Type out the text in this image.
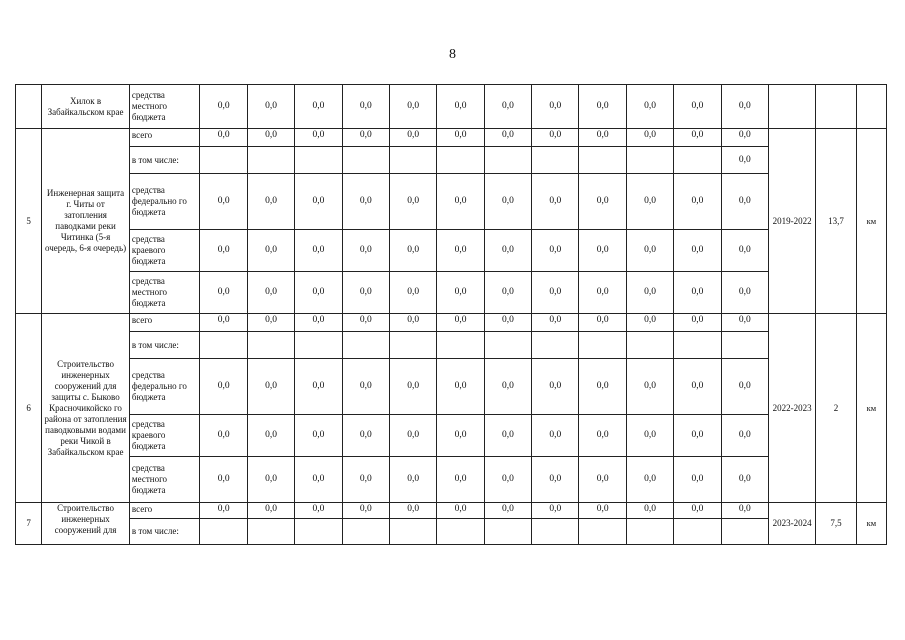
8
	Хилок в Забайкальском крае	средства местного бюджета	0,0	0,0	0,0	0,0	0,0	0,0	0,0	0,0	0,0	0,0	0,0	0,0			
5	Инженерная защита г. Читы от затопления паводками реки Читинка (5-я очередь, 6-я очередь)	всего	0,0	0,0	0,0	0,0	0,0	0,0	0,0	0,0	0,0	0,0	0,0	0,0	2019-2022	13,7	км
		в том числе:												0,0			
		средства федерально го бюджета	0,0	0,0	0,0	0,0	0,0	0,0	0,0	0,0	0,0	0,0	0,0	0,0			
		средства краевого бюджета	0,0	0,0	0,0	0,0	0,0	0,0	0,0	0,0	0,0	0,0	0,0	0,0			
		средства местного бюджета	0,0	0,0	0,0	0,0	0,0	0,0	0,0	0,0	0,0	0,0	0,0	0,0			
6	Строительство инженерных сооружений для защиты с. Быково Красночикойско го района от затопления паводковыми водами реки Чикой в Забайкальском крае	всего	0,0	0,0	0,0	0,0	0,0	0,0	0,0	0,0	0,0	0,0	0,0	0,0	2022-2023	2	км
		в том числе:															
		средства федерально го бюджета	0,0	0,0	0,0	0,0	0,0	0,0	0,0	0,0	0,0	0,0	0,0	0,0			
		средства краевого бюджета	0,0	0,0	0,0	0,0	0,0	0,0	0,0	0,0	0,0	0,0	0,0	0,0			
		средства местного бюджета	0,0	0,0	0,0	0,0	0,0	0,0	0,0	0,0	0,0	0,0	0,0	0,0			
7	Строительство инженерных сооружений для	всего	0,0	0,0	0,0	0,0	0,0	0,0	0,0	0,0	0,0	0,0	0,0	0,0	2023-2024	7,5	км
		в том числе:															
